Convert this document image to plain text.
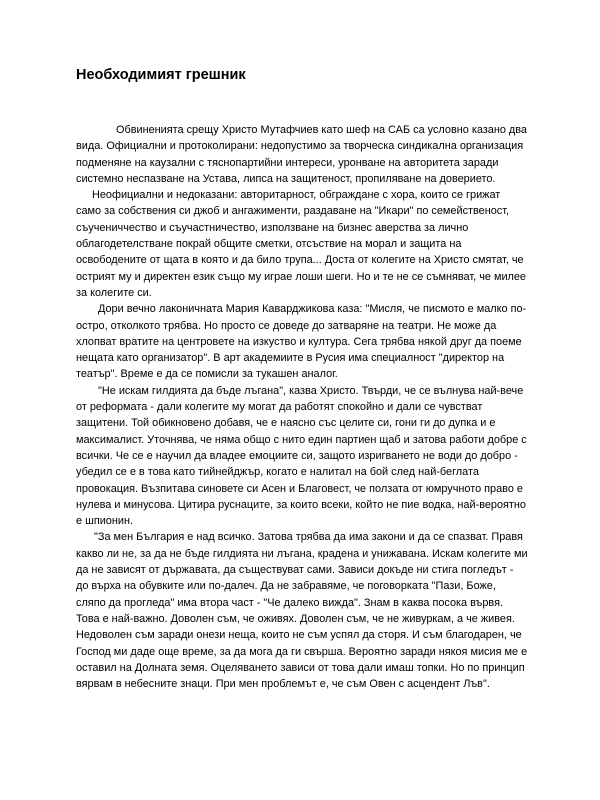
Необходимият грешник

Обвиненията срещу Христо Мутафчиев като шеф на САБ са условно казано два вида. Официални и протоколирани: недопустимо за творческа синдикална организация подменяне на каузални с тяснопартийни интереси, уронване на авторитета заради системно неспазване на Устава, липса на защитеност, пропиляване на доверието.

Неофициални и недоказани: авторитарност, обграждане с хора, които се грижат само за собствения си джоб и ангажименти, раздаване на "Икари" по семейственост, съучениччество и съучастничество, използване на бизнес аверства за лично облагодетелстване покрай общите сметки, отсъствие на морал и защита на освободените от щата в която и да било трупа... Доста от колегите на Христо смятат, че острият му и директен език също му играе лоши шеги. Но и те не се съмняват, че милее за колегите си.

Дори вечно лаконичната Мария Каварджикова каза: "Мисля, че писмото е малко по-остро, отколкото трябва. Но просто се доведе до затваряне на театри. Не може да хлопват вратите на центровете на изкуство и култура. Сега трябва някой друг да поеме нещата като организатор". В арт академиите в Русия има специалност "директор на театър". Време е да се помисли за тукашен аналог.

"Не искам гилдията да бъде лъгана", казва Христо. Твърди, че се вълнува най-вече от реформата - дали колегите му могат да работят спокойно и дали се чувстват защитени. Той обикновено добавя, че е наясно със целите си, гони ги до дупка и е максималист. Уточнява, че няма общо с нито един партиен щаб и затова работи добре с всички. Че се е научил да владее емоциите си, защото изригването не води до добро - убедил се е в това като тийнейджър, когато е налитал на бой след най-беглата провокация. Възпитава синовете си Асен и Благовест, че ползата от юмручното право е нулева и минусова. Цитира руснаците, за които всеки, който не пие водка, най-вероятно е шпионин.

"За мен България е над всичко. Затова трябва да има закони и да се спазват. Правя какво ли не, за да не бъде гилдията ни лъгана, крадена и унижавана. Искам колегите ми да не зависят от държавата, да съществуват сами. Зависи докъде ни стига погледът - до върха на обувките или по-далеч. Да не забравяме, че поговорката "Пази, Боже, сляпо да прогледа" има втора част - "Че далеко вижда". Знам в каква посока вървя. Това е най-важно. Доволен съм, че оживях. Доволен съм, че не живуркам, а че живея. Недоволен съм заради онези неща, които не съм успял да сторя. И съм благодарен, че Господ ми даде още време, за да мога да ги свърша. Вероятно заради някоя мисия ме е оставил на Долната земя. Оцеляването зависи от това дали имаш топки. Но по принцип вярвам в небесните знаци. При мен проблемът е, че съм Овен с асцендент Лъв".
